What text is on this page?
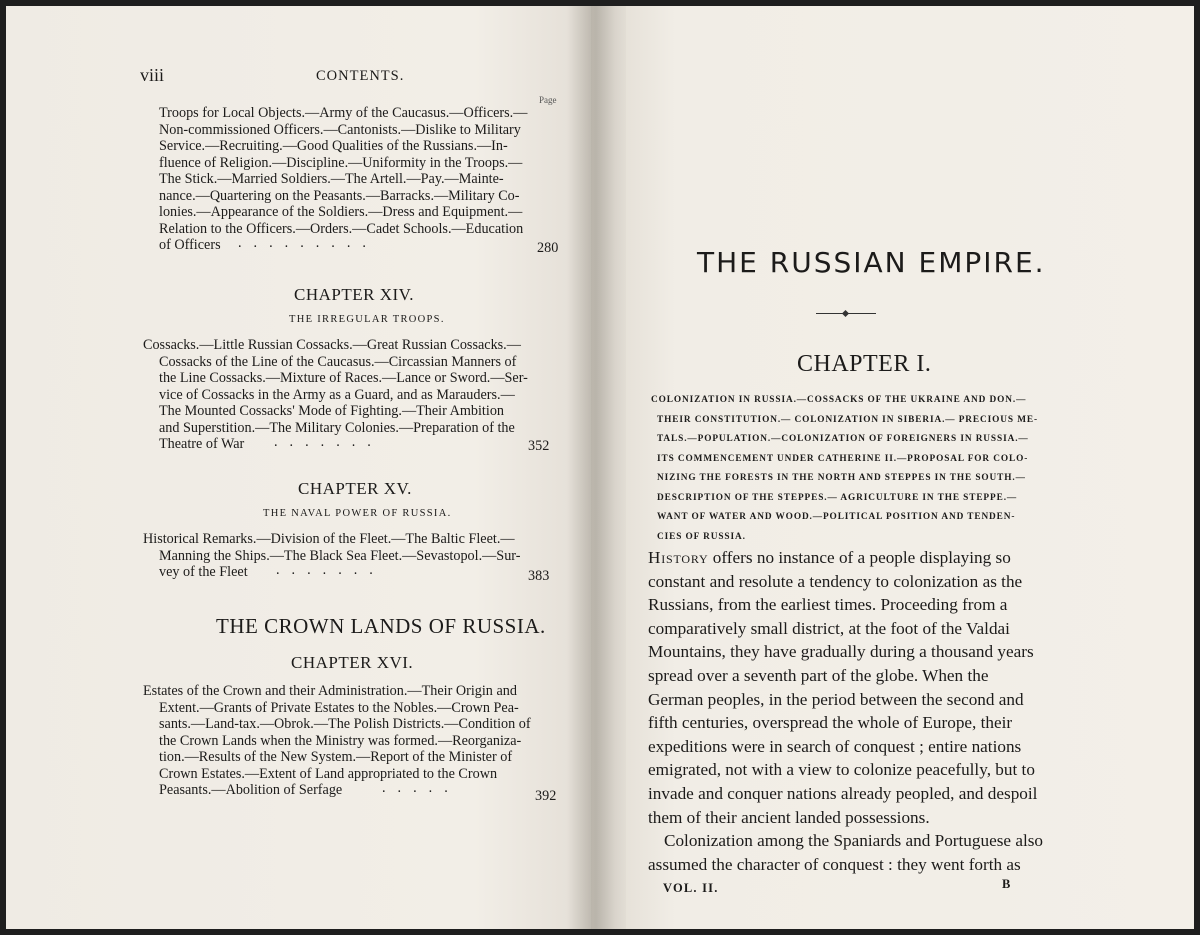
viii	CONTENTS.
Page
Troops for Local Objects.—Army of the Caucasus.—Officers.—
Non-commissioned Officers.—Cantonists.—Dislike to Military
Service.—Recruiting.—Good Qualities of the Russians.—In-
fluence of Religion.—Discipline.—Uniformity in the Troops.—
The Stick.—Married Soldiers.—The Artell.—Pay.—Mainte-
nance.—Quartering on the Peasants.—Barracks.—Military Co-
lonies.—Appearance of the Soldiers.—Dress and Equipment.—
Relation to the Officers.—Orders.—Cadet Schools.—Education
of Officers .........	280
CHAPTER XIV.
THE IRREGULAR TROOPS.
Cossacks.—Little Russian Cossacks.—Great Russian Cossacks.—
Cossacks of the Line of the Caucasus.—Circassian Manners of
the Line Cossacks.—Mixture of Races.—Lance or Sword.—Ser-
vice of Cossacks in the Army as a Guard, and as Marauders.—
The Mounted Cossacks' Mode of Fighting.—Their Ambition
and Superstition.—The Military Colonies.—Preparation of the
Theatre of War .......	352
CHAPTER XV.
THE NAVAL POWER OF RUSSIA.
Historical Remarks.—Division of the Fleet.—The Baltic Fleet.—
Manning the Ships.—The Black Sea Fleet.—Sevastopol.—Sur-
vey of the Fleet .......	383
THE CROWN LANDS OF RUSSIA.
CHAPTER XVI.
Estates of the Crown and their Administration.—Their Origin and
Extent.—Grants of Private Estates to the Nobles.—Crown Pea-
sants.—Land-tax.—Obrok.—The Polish Districts.—Condition of
the Crown Lands when the Ministry was formed.—Reorganiza-
tion.—Results of the New System.—Report of the Minister of
Crown Estates.—Extent of Land appropriated to the Crown
Peasants.—Abolition of Serfage	.....	392
THE RUSSIAN EMPIRE.
CHAPTER I.
COLONIZATION IN RUSSIA.—COSSACKS OF THE UKRAINE AND DON.—
THEIR CONSTITUTION.— COLONIZATION IN SIBERIA.— PRECIOUS ME-
TALS.—POPULATION.—COLONIZATION OF FOREIGNERS IN RUSSIA.—
ITS COMMENCEMENT UNDER CATHERINE II.—PROPOSAL FOR COLO-
NIZING THE FORESTS IN THE NORTH AND STEPPES IN THE SOUTH.—
DESCRIPTION OF THE STEPPES.— AGRICULTURE IN THE STEPPE.—
WANT OF WATER AND WOOD.—POLITICAL POSITION AND TENDEN-
CIES OF RUSSIA.
History offers no instance of a people displaying so
constant and resolute a tendency to colonization as the
Russians, from the earliest times. Proceeding from a
comparatively small district, at the foot of the Valdai
Mountains, they have gradually during a thousand years
spread over a seventh part of the globe. When the
German peoples, in the period between the second and
fifth centuries, overspread the whole of Europe, their
expeditions were in search of conquest ; entire nations
emigrated, not with a view to colonize peacefully, but to
invade and conquer nations already peopled, and despoil
them of their ancient landed possessions.
Colonization among the Spaniards and Portuguese also
assumed the character of conquest : they went forth as
VOL. II.	B
